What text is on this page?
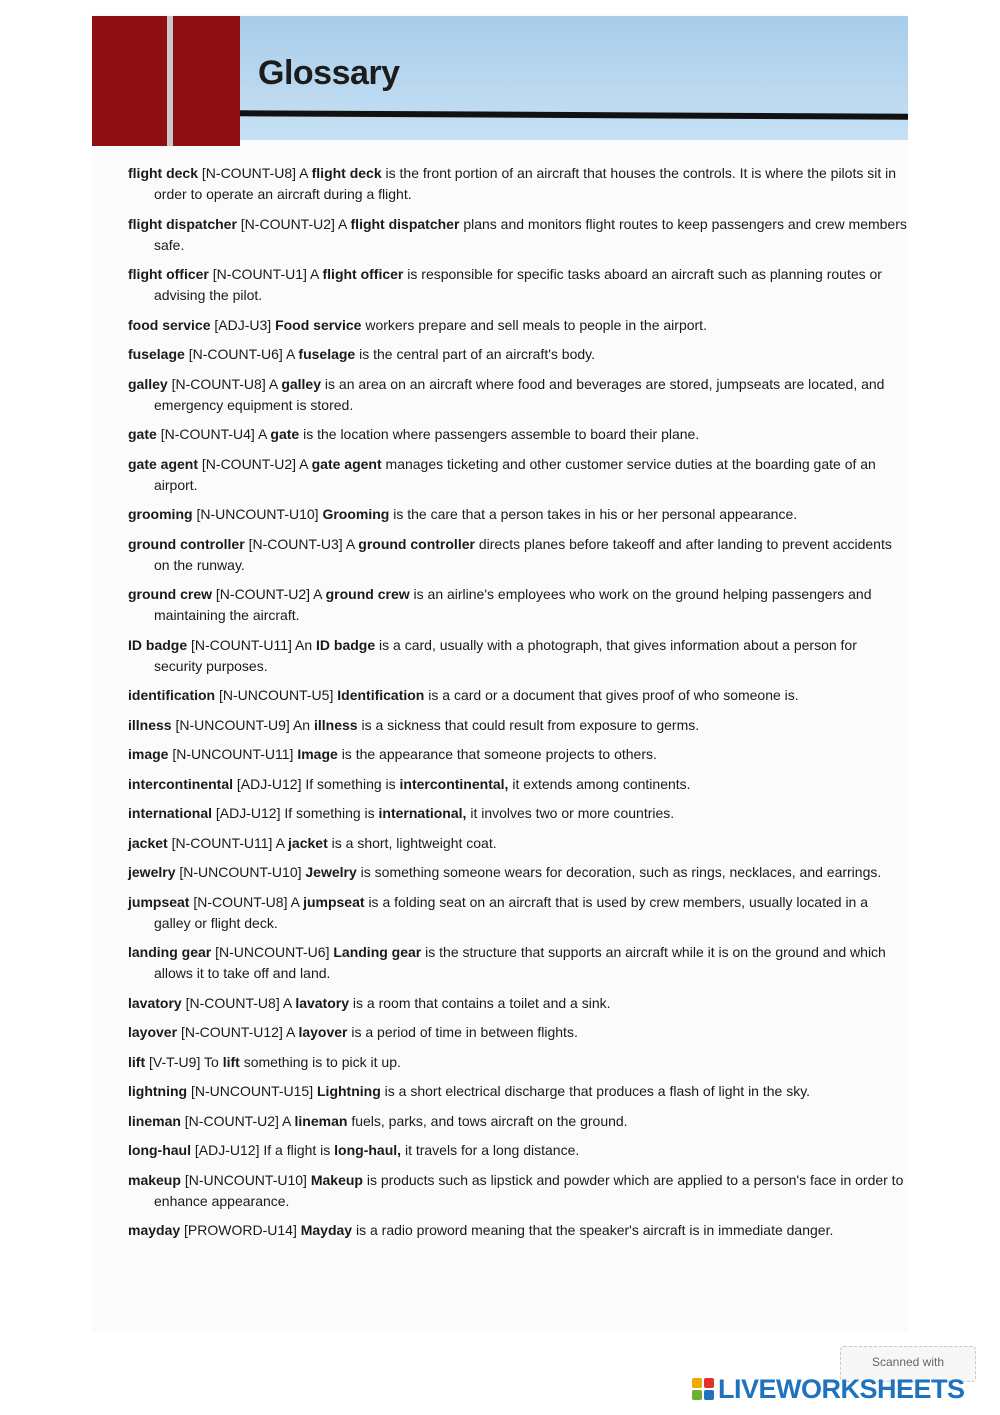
Glossary

flight deck [N-COUNT-U8] A flight deck is the front portion of an aircraft that houses the controls. It is where the pilots sit in order to operate an aircraft during a flight.

flight dispatcher [N-COUNT-U2] A flight dispatcher plans and monitors flight routes to keep passengers and crew members safe.

flight officer [N-COUNT-U1] A flight officer is responsible for specific tasks aboard an aircraft such as planning routes or advising the pilot.

food service [ADJ-U3] Food service workers prepare and sell meals to people in the airport.

fuselage [N-COUNT-U6] A fuselage is the central part of an aircraft's body.

galley [N-COUNT-U8] A galley is an area on an aircraft where food and beverages are stored, jumpseats are located, and emergency equipment is stored.

gate [N-COUNT-U4] A gate is the location where passengers assemble to board their plane.

gate agent [N-COUNT-U2] A gate agent manages ticketing and other customer service duties at the boarding gate of an airport.

grooming [N-UNCOUNT-U10] Grooming is the care that a person takes in his or her personal appearance.

ground controller [N-COUNT-U3] A ground controller directs planes before takeoff and after landing to prevent accidents on the runway.

ground crew [N-COUNT-U2] A ground crew is an airline's employees who work on the ground helping passengers and maintaining the aircraft.

ID badge [N-COUNT-U11] An ID badge is a card, usually with a photograph, that gives information about a person for security purposes.

identification [N-UNCOUNT-U5] Identification is a card or a document that gives proof of who someone is.

illness [N-UNCOUNT-U9] An illness is a sickness that could result from exposure to germs.

image [N-UNCOUNT-U11] Image is the appearance that someone projects to others.

intercontinental [ADJ-U12] If something is intercontinental, it extends among continents.

international [ADJ-U12] If something is international, it involves two or more countries.

jacket [N-COUNT-U11] A jacket is a short, lightweight coat.

jewelry [N-UNCOUNT-U10] Jewelry is something someone wears for decoration, such as rings, necklaces, and earrings.

jumpseat [N-COUNT-U8] A jumpseat is a folding seat on an aircraft that is used by crew members, usually located in a galley or flight deck.

landing gear [N-UNCOUNT-U6] Landing gear is the structure that supports an aircraft while it is on the ground and which allows it to take off and land.

lavatory [N-COUNT-U8] A lavatory is a room that contains a toilet and a sink.

layover [N-COUNT-U12] A layover is a period of time in between flights.

lift [V-T-U9] To lift something is to pick it up.

lightning [N-UNCOUNT-U15] Lightning is a short electrical discharge that produces a flash of light in the sky.

lineman [N-COUNT-U2] A lineman fuels, parks, and tows aircraft on the ground.

long-haul [ADJ-U12] If a flight is long-haul, it travels for a long distance.

makeup [N-UNCOUNT-U10] Makeup is products such as lipstick and powder which are applied to a person's face in order to enhance appearance.

mayday [PROWORD-U14] Mayday is a radio proword meaning that the speaker's aircraft is in immediate danger.

Scanned with
LIVEWORKSHEETS
